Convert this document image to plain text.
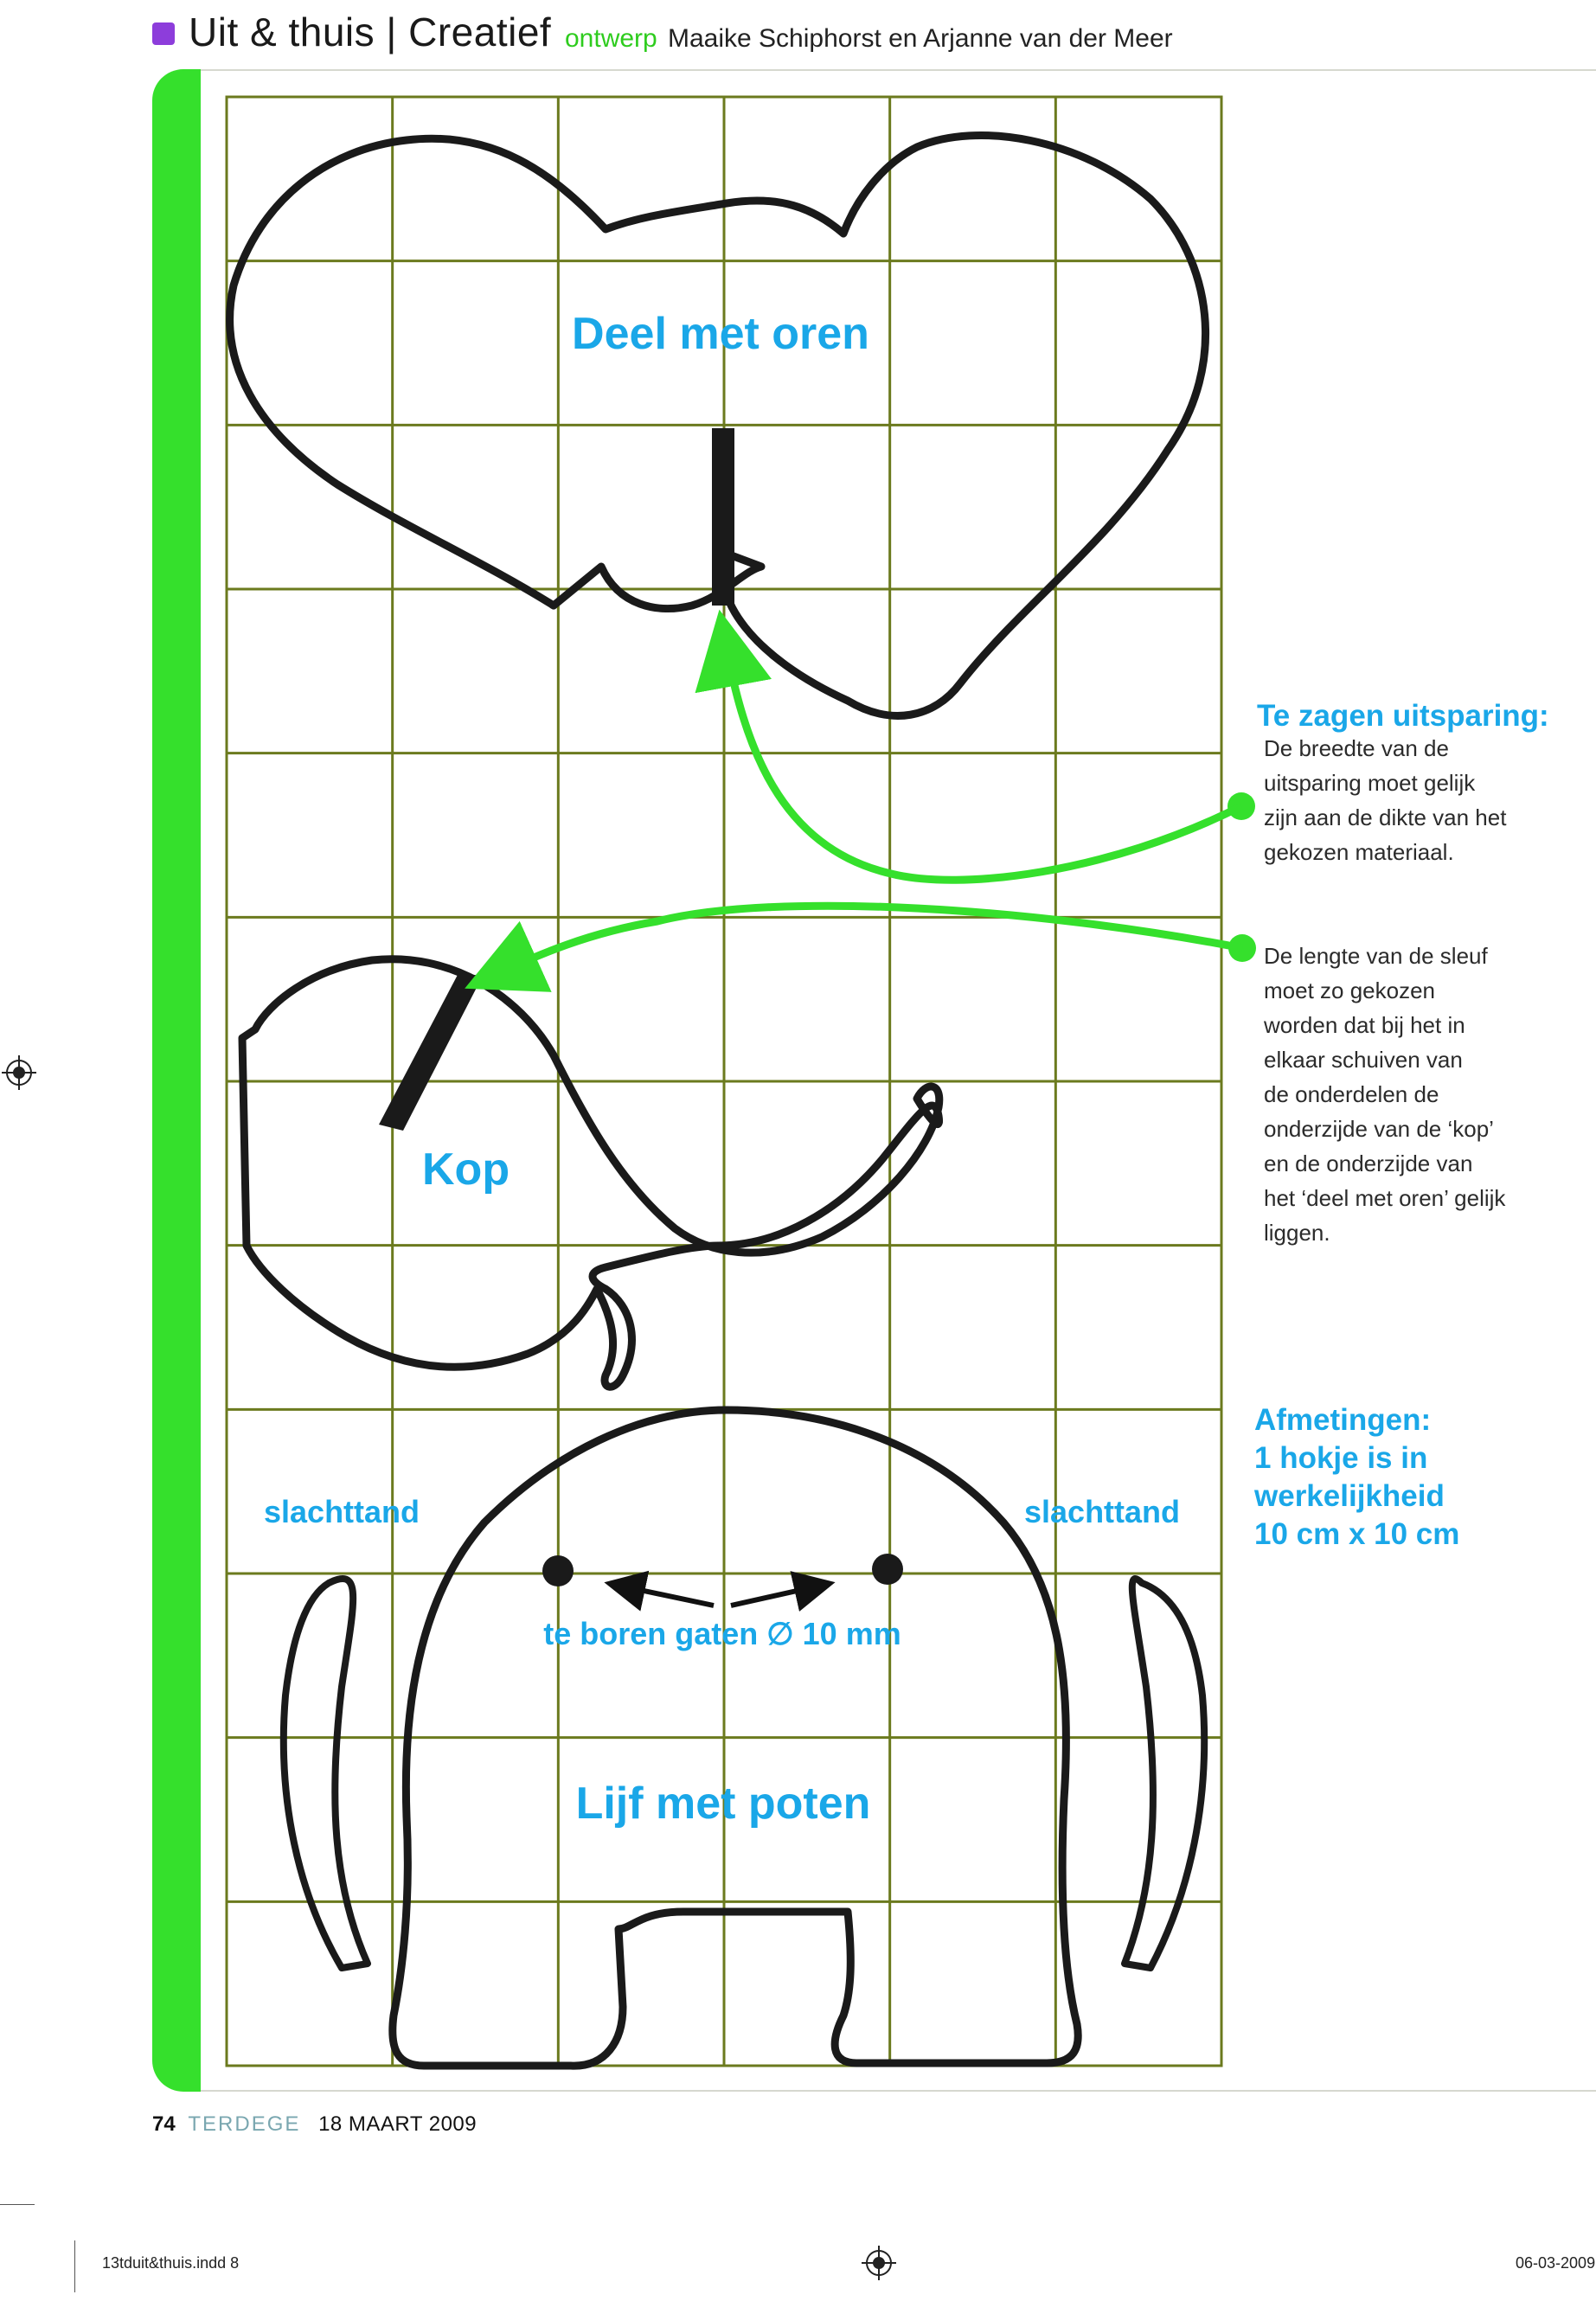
Uit & thuis | Creatief ontwerp Maaike Schiphorst en Arjanne van der Meer
Deel met oren
Kop
slachttand	slachttand
te boren gaten ∅ 10 mm
Lijf met poten
Te zagen uitsparing:
De breedte van de
uitsparing moet gelijk
zijn aan de dikte van het
gekozen materiaal.
De lengte van de sleuf
moet zo gekozen
worden dat bij het in
elkaar schuiven van
de onderdelen de
onderzijde van de ‘kop’
en de onderzijde van
het ‘deel met oren’ gelijk
liggen.
Afmetingen:
1 hokje is in
werkelijkheid
10 cm x 10 cm
74 TERDEGE 18 MAART 2009
13tduit&thuis.indd 8	06-03-2009
